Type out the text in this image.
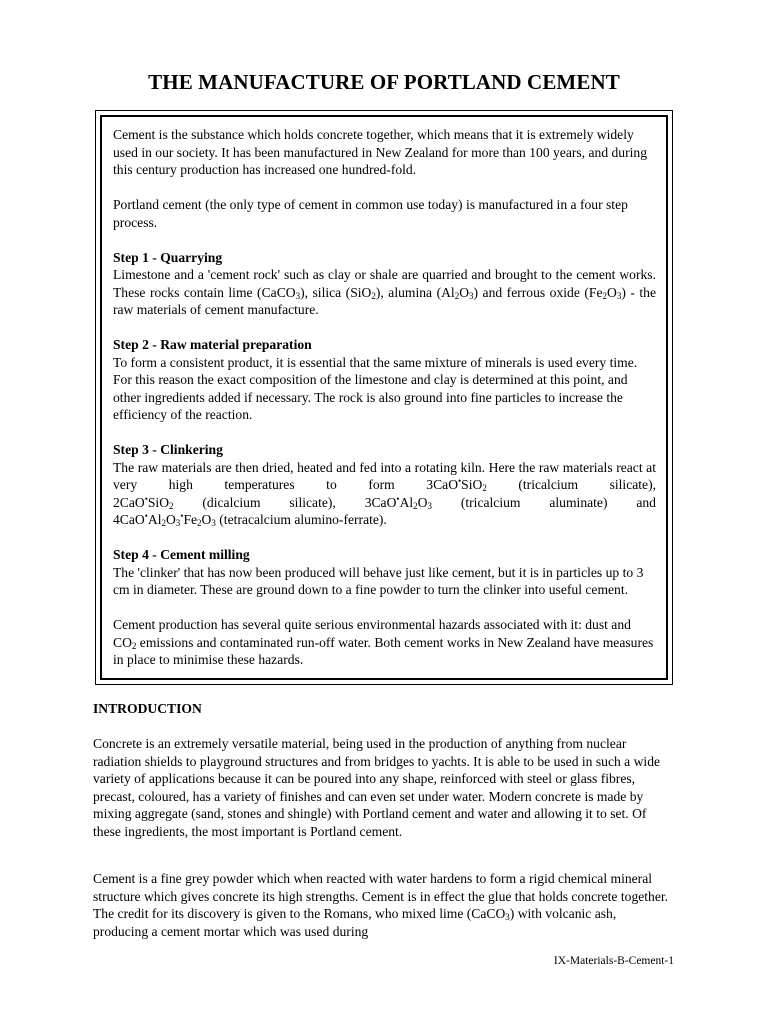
THE MANUFACTURE OF PORTLAND CEMENT

Cement is the substance which holds concrete together, which means that it is extremely widely used in our society. It has been manufactured in New Zealand for more than 100 years, and during this century production has increased one hundred-fold.

Portland cement (the only type of cement in common use today) is manufactured in a four step process.

Step 1 - Quarrying

Limestone and a 'cement rock' such as clay or shale are quarried and brought to the cement works. These rocks contain lime (CaCO$_3$), silica (SiO$_2$), alumina $(Al_2O_3)$ and ferrous oxide $(Fe_2O_3)$ - the raw materials of cement manufacture.

Step 2 - Raw material preparation

To form a consistent product, it is essential that the same mixture of minerals is used every time. For this reason the exact composition of the limestone and clay is determined at this point, and other ingredients added if necessary. The rock is also ground into fine particles to increase the efficiency of the reaction.

Step 3 - Clinkering

The raw materials are then dried, heated and fed into a rotating kiln. Here the raw materials react at very high temperatures to form 3CaO•SiO$_2$ (tricalcium silicate),

2CaO•SiO$_2$ (dicalcium silicate), $3CaO^•Al_2O_3$ (tricalcium aluminate) and

$4CaO^•Al_2O_3^•Fe_2O_3$ (tetracalcium alumino-ferrate).

Step 4 - Cement milling

The 'clinker' that has now been produced will behave just like cement, but it is in particles up to 3 cm in diameter. These are ground down to a fine powder to turn the clinker into useful cement.

Cement production has several quite serious environmental hazards associated with it: dust and $CO_2$ emissions and contaminated run-off water. Both cement works in New Zealand have measures in place to minimise these hazards.

INTRODUCTION

Concrete is an extremely versatile material, being used in the production of anything from nuclear radiation shields to playground structures and from bridges to yachts. It is able to be used in such a wide variety of applications because it can be poured into any shape, reinforced with steel or glass fibres, precast, coloured, has a variety of finishes and can even set under water. Modern concrete is made by mixing aggregate (sand, stones and shingle) with Portland cement and water and allowing it to set. Of these ingredients, the most important is Portland cement.

Cement is a fine grey powder which when reacted with water hardens to form a rigid chemical mineral structure which gives concrete its high strengths. Cement is in effect the glue that holds concrete together. The credit for its discovery is given to the Romans, who mixed lime (CaCO$_3$) with volcanic ash, producing a cement mortar which was used during

IX-Materials-B-Cement-1
